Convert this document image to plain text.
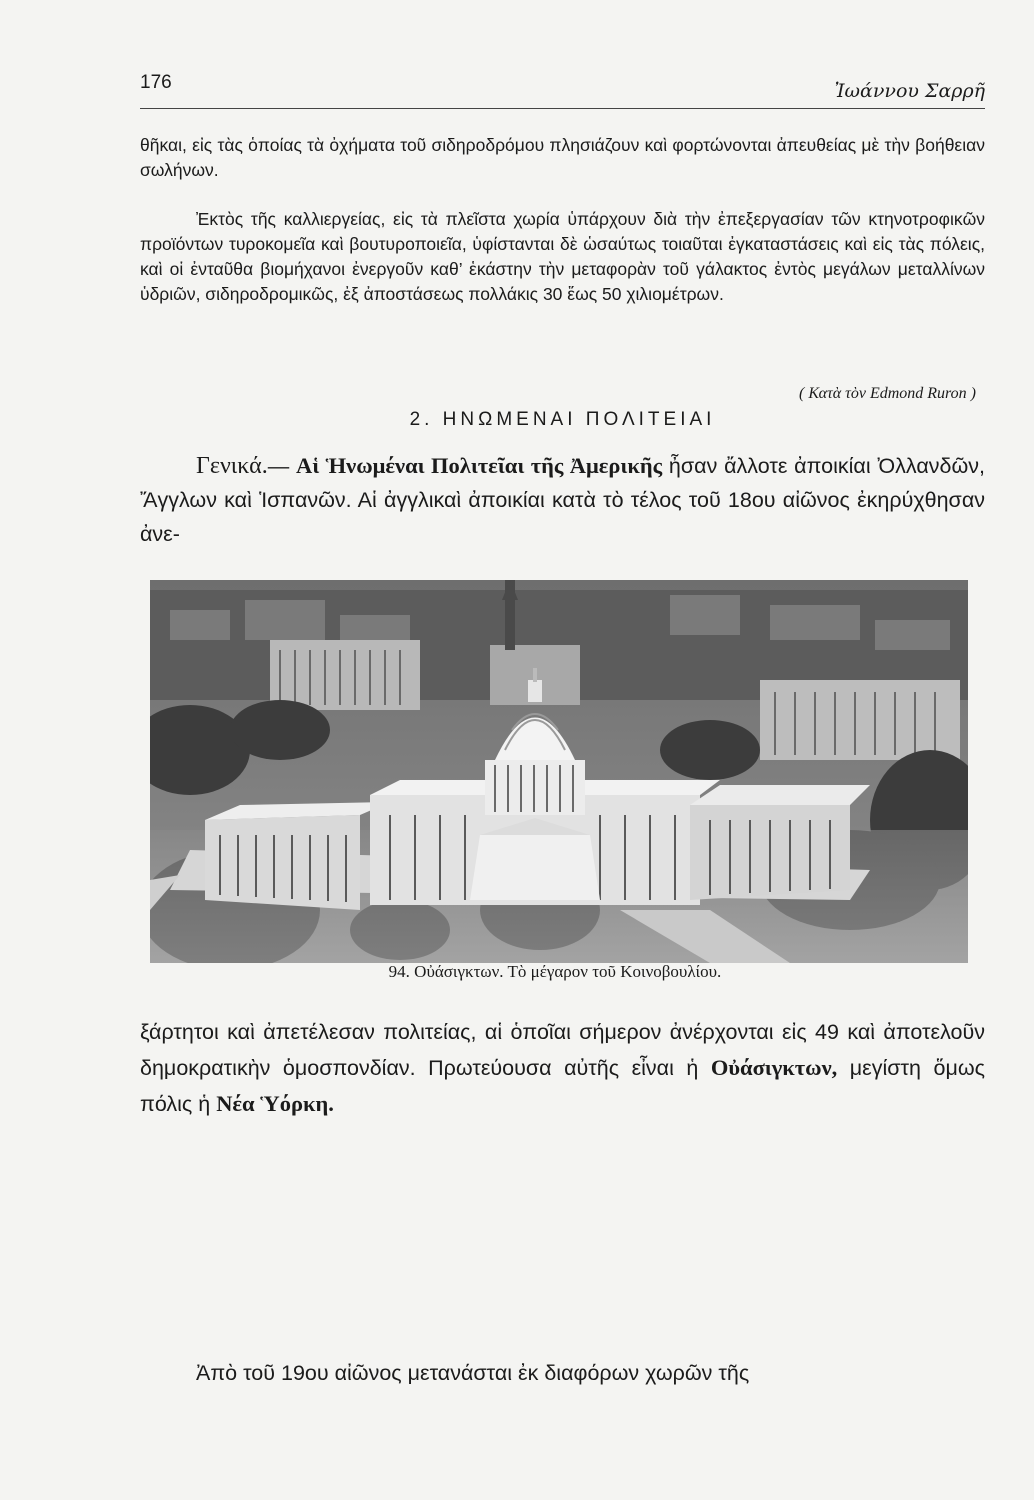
176	Ἰωάννου Σαρρῆ

θῆκαι, εἰς τὰς ὁποίας τὰ ὀχήματα τοῦ σιδηροδρόμου πλησιάζουν καὶ φορτώνονται ἀπευθείας μὲ τὴν βοήθειαν σωλήνων.

Ἐκτὸς τῆς καλλιεργείας, εἰς τὰ πλεῖστα χωρία ὑπάρχουν διὰ τὴν ἐπεξεργασίαν τῶν κτηνοτροφικῶν προϊόντων τυροκομεῖα καὶ βουτυροποιεῖα, ὑφίστανται δὲ ὡσαύτως τοιαῦται ἐγκαταστάσεις καὶ εἰς τὰς πόλεις, καὶ οἱ ἐνταῦθα βιομήχανοι ἐνεργοῦν καθ’ ἑκάστην τὴν μεταφορὰν τοῦ γάλακτος ἐντὸς μεγάλων μεταλλίνων ὑδριῶν, σιδηροδρομικῶς, ἐξ ἀποστάσεως πολλάκις 30 ἕως 50 χιλιομέτρων.

( Κατὰ τὸν Edmond Ruron )
2. ΗΝΩΜΕΝΑΙ ΠΟΛΙΤΕΙΑΙ

Γενικά.— Αἱ Ἡνωμέναι Πολιτεῖαι τῆς Ἀμερικῆς ἦσαν ἄλλοτε ἀποικίαι Ὀλλανδῶν, Ἄγγλων καὶ Ἱσπανῶν. Αἱ ἀγγλικαὶ ἀποικίαι κατὰ τὸ τέλος τοῦ 18ου αἰῶνος ἐκηρύχθησαν ἀνε-

94. Οὐάσιγκτων. Τὸ μέγαρον τοῦ Κοινοβουλίου.

ξάρτητοι καὶ ἀπετέλεσαν πολιτείας, αἱ ὁποῖαι σήμερον ἀνέρχονται εἰς 49 καὶ ἀποτελοῦν δημοκρατικὴν ὁμοσπονδίαν. Πρωτεύουσα αὐτῆς εἶναι ἡ Οὐάσιγκτων, μεγίστη ὅμως πόλις ἡ Νέα Ὑόρκη.

Ἀπὸ τοῦ 19ου αἰῶνος μετανάσται ἐκ διαφόρων χωρῶν τῆς
